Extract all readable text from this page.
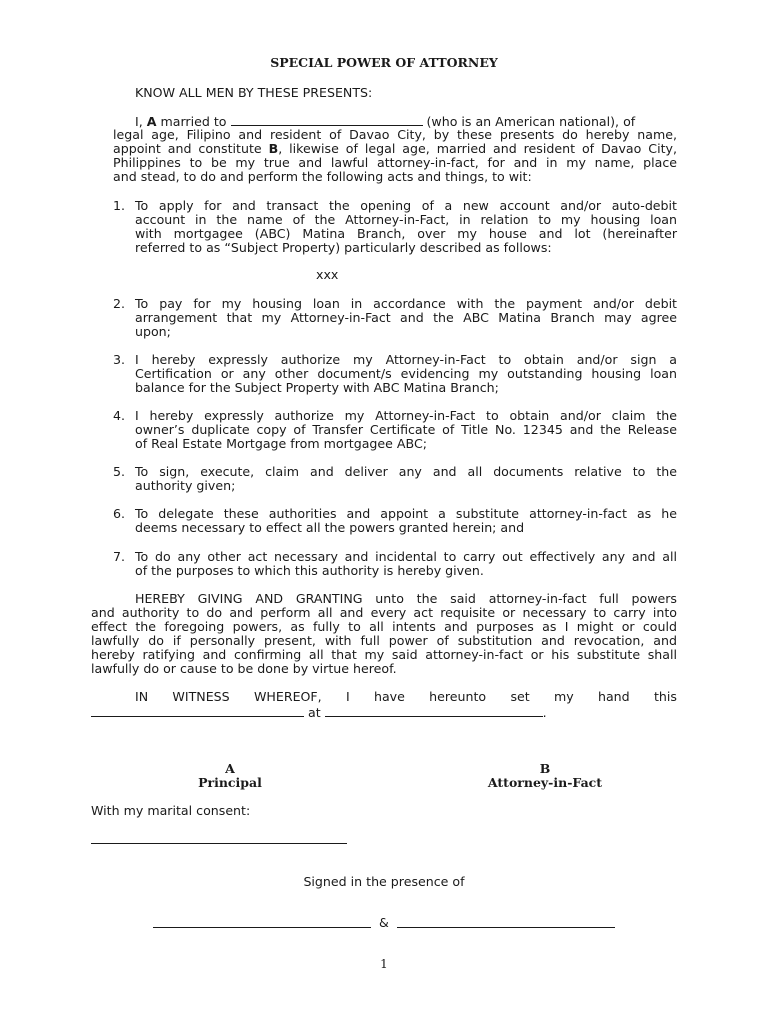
SPECIAL POWER OF ATTORNEY
KNOW ALL MEN BY THESE PRESENTS:
I, A married to	(who is an American national), of
legal age, Filipino and resident of Davao City, by these presents do hereby name,
appoint and constitute B, likewise of legal age, married and resident of Davao City,
Philippines to be my true and lawful attorney-in-fact, for and in my name, place
and stead, to do and perform the following acts and things, to wit:
1. To apply for and transact the opening of a new account and/or auto-debit
account in the name of the Attorney-in-Fact, in relation to my housing loan
with mortgagee (ABC) Matina Branch, over my house and lot (hereinafter
referred to as “Subject Property) particularly described as follows:
xxx
2. To pay for my housing loan in accordance with the payment and/or debit
arrangement that my Attorney-in-Fact and the ABC Matina Branch may agree
upon;
3. I hereby expressly authorize my Attorney-in-Fact to obtain and/or sign a
Certification or any other document/s evidencing my outstanding housing loan
balance for the Subject Property with ABC Matina Branch;
4. I hereby expressly authorize my Attorney-in-Fact to obtain and/or claim the
owner’s duplicate copy of Transfer Certificate of Title No. 12345 and the Release
of Real Estate Mortgage from mortgagee ABC;
5. To sign, execute, claim and deliver any and all documents relative to the
authority given;
6. To delegate these authorities and appoint a substitute attorney-in-fact as he
deems necessary to effect all the powers granted herein; and
7. To do any other act necessary and incidental to carry out effectively any and all
of the purposes to which this authority is hereby given.
HEREBY GIVING AND GRANTING unto the said attorney-in-fact full powers
and authority to do and perform all and every act requisite or necessary to carry into
effect the foregoing powers, as fully to all intents and purposes as I might or could
lawfully do if personally present, with full power of substitution and revocation, and
hereby ratifying and confirming all that my said attorney-in-fact or his substitute shall
lawfully do or cause to be done by virtue hereof.
IN WITNESS WHEREOF, I have hereunto set my hand this
at	.
A
Principal
B
Attorney-in-Fact
With my marital consent:
Signed in the presence of
&
1
